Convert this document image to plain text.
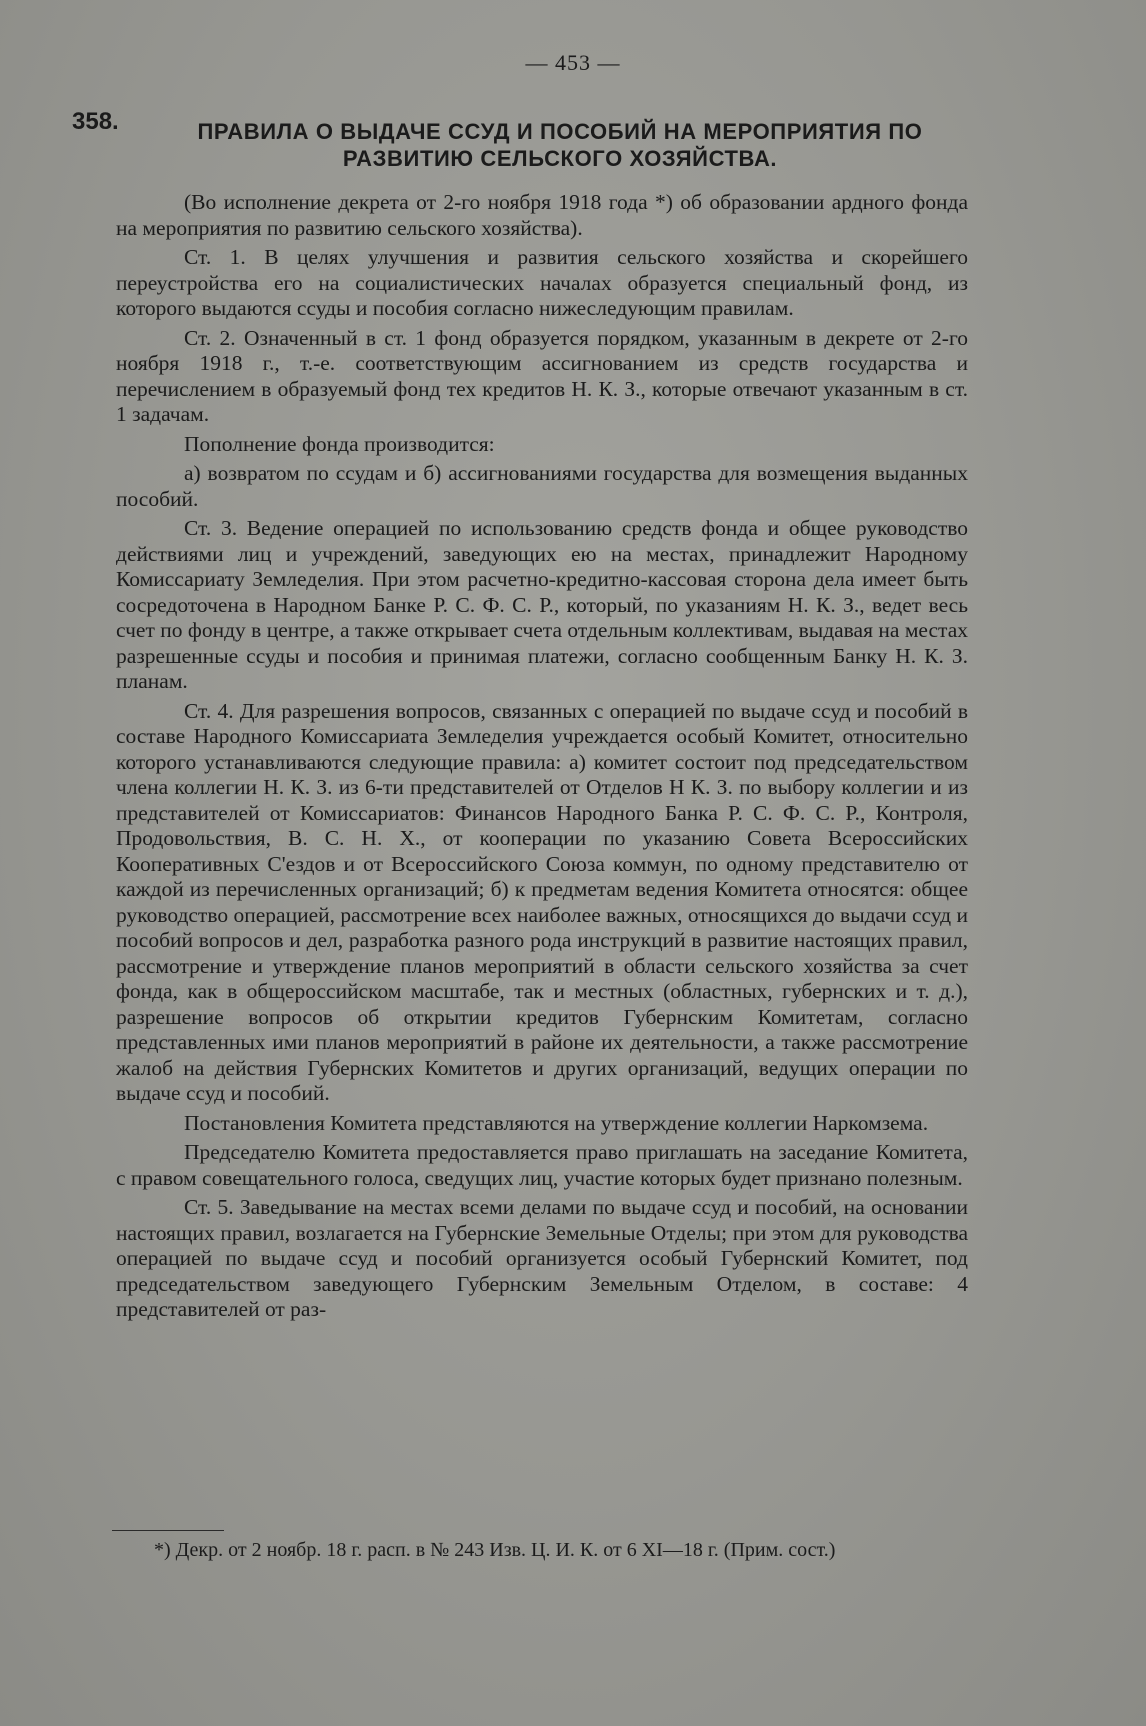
— 453 —
358.	ПРАВИЛА О ВЫДАЧЕ ССУД И ПОСОБИЙ НА МЕРОПРИЯТИЯ ПО
РАЗВИТИЮ СЕЛЬСКОГО ХОЗЯЙСТВА.

(Во исполнение декрета от 2-го ноября 1918 года *) об образовании ардного фонда на мероприятия по развитию сельского хозяйства).

Ст. 1. В целях улучшения и развития сельского хозяйства и скорейшего переустройства его на социалистических началах образуется специальный фонд, из которого выдаются ссуды и пособия согласно нижеследующим правилам.

Ст. 2. Означенный в ст. 1 фонд образуется порядком, указанным в декрете от 2-го ноября 1918 г., т.-е. соответствующим ассигнованием из средств государства и перечислением в образуемый фонд тех кредитов Н. К. З., которые отвечают указанным в ст. 1 задачам.

Пополнение фонда производится:

а) возвратом по ссудам и б) ассигнованиями государства для возмещения выданных пособий.

Ст. 3. Ведение операцией по использованию средств фонда и общее руководство действиями лиц и учреждений, заведующих ею на местах, принадлежит Народному Комиссариату Земледелия. При этом расчетно-кредитно-кассовая сторона дела имеет быть сосредоточена в Народном Банке Р. С. Ф. С. Р., который, по указаниям Н. К. З., ведет весь счет по фонду в центре, а также открывает счета отдельным коллективам, выдавая на местах разрешенные ссуды и пособия и принимая платежи, согласно сообщенным Банку Н. К. З. планам.

Ст. 4. Для разрешения вопросов, связанных с операцией по выдаче ссуд и пособий в составе Народного Комиссариата Земледелия учреждается особый Комитет, относительно которого устанавливаются следующие правила: а) комитет состоит под председательством члена коллегии Н. К. З. из 6-ти представителей от Отделов Н К. З. по выбору коллегии и из представителей от Комиссариатов: Финансов Народного Банка Р. С. Ф. С. Р., Контроля, Продовольствия, В. С. Н. Х., от кооперации по указанию Совета Всероссийских Кооперативных С'ездов и от Всероссийского Союза коммун, по одному представителю от каждой из перечисленных организаций; б) к предметам ведения Комитета относятся: общее руководство операцией, рассмотрение всех наиболее важных, относящихся до выдачи ссуд и пособий вопросов и дел, разработка разного рода инструкций в развитие настоящих правил, рассмотрение и утверждение планов мероприятий в области сельского хозяйства за счет фонда, как в общероссийском масштабе, так и местных (областных, губернских и т. д.), разрешение вопросов об открытии кредитов Губернским Комитетам, согласно представленных ими планов мероприятий в районе их деятельности, а также рассмотрение жалоб на действия Губернских Комитетов и других организаций, ведущих операции по выдаче ссуд и пособий.

Постановления Комитета представляются на утверждение коллегии Наркомзема.

Председателю Комитета предоставляется право приглашать на заседание Комитета, с правом совещательного голоса, сведущих лиц, участие которых будет признано полезным.

Ст. 5. Заведывание на местах всеми делами по выдаче ссуд и пособий, на основании настоящих правил, возлагается на Губернские Земельные Отделы; при этом для руководства операцией по выдаче ссуд и пособий организуется особый Губернский Комитет, под председательством заведующего Губернским Земельным Отделом, в составе: 4 представителей от раз-

*) Декр. от 2 ноябр. 18 г. расп. в № 243 Изв. Ц. И. К. от 6 XI—18 г. (Прим. сост.)
